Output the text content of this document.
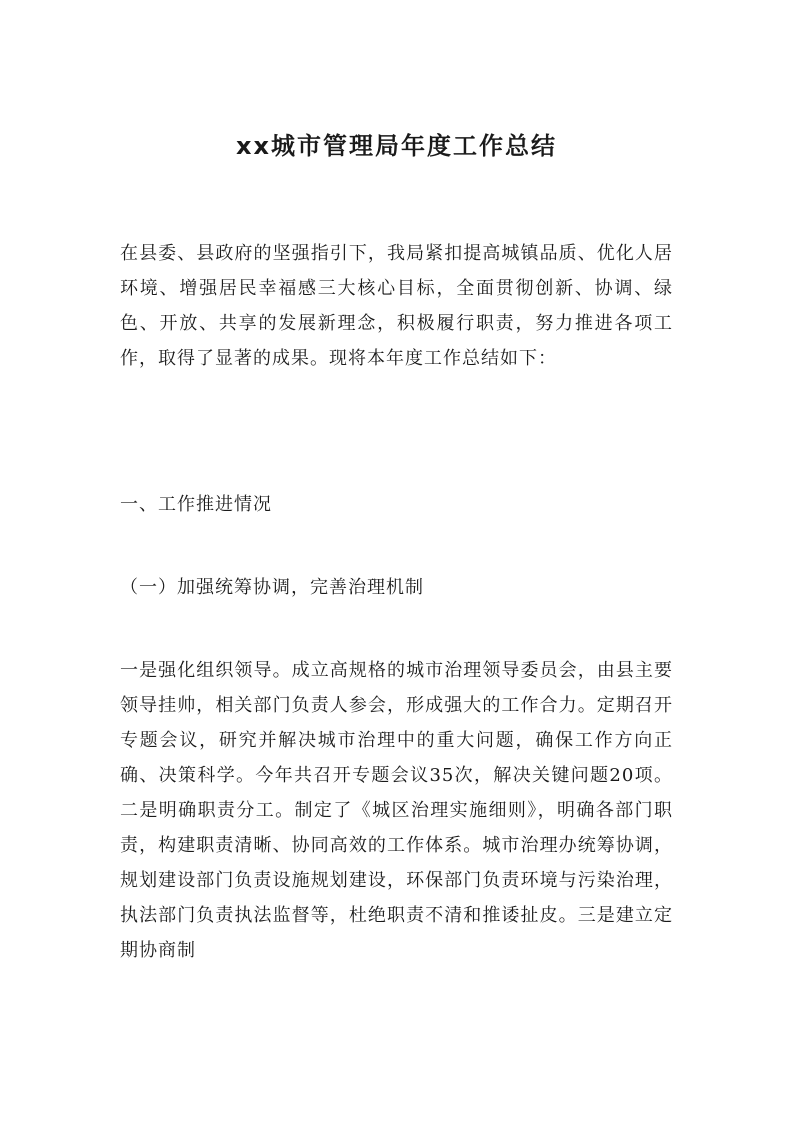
xx城市管理局年度工作总结

在县委、县政府的坚强指引下，我局紧扣提高城镇品质、优化人居环境、增强居民幸福感三大核心目标，全面贯彻创新、协调、绿色、开放、共享的发展新理念，积极履行职责，努力推进各项工作，取得了显著的成果。现将本年度工作总结如下：

一、工作推进情况

（一）加强统筹协调，完善治理机制

一是强化组织领导。成立高规格的城市治理领导委员会，由县主要领导挂帅，相关部门负责人参会，形成强大的工作合力。定期召开专题会议，研究并解决城市治理中的重大问题，确保工作方向正确、决策科学。今年共召开专题会议35次，解决关键问题20项。二是明确职责分工。制定了《城区治理实施细则》，明确各部门职责，构建职责清晰、协同高效的工作体系。城市治理办统筹协调，规划建设部门负责设施规划建设，环保部门负责环境与污染治理，执法部门负责执法监督等，杜绝职责不清和推诿扯皮。三是建立定期协商制
